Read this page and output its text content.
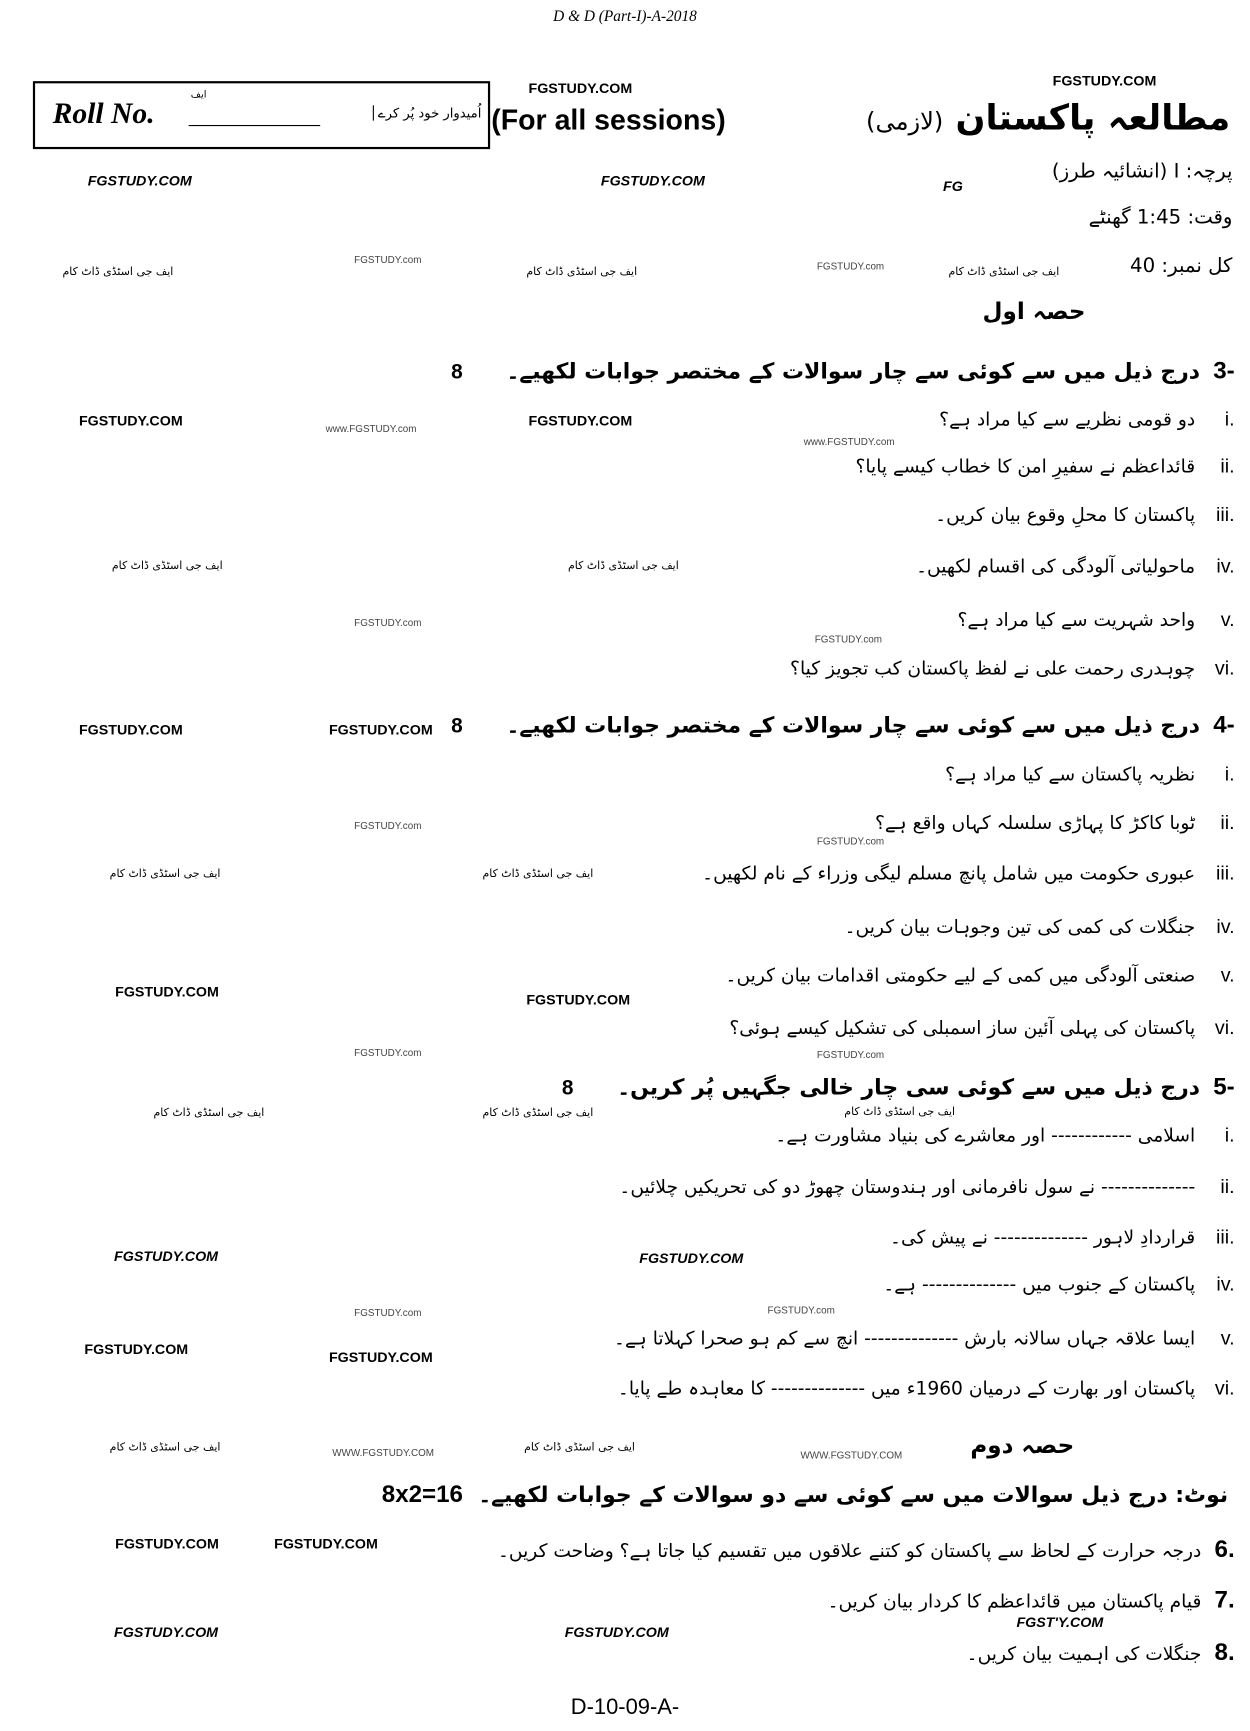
D & D (Part-I)-A-2018
Roll No.
ایف
اُمیدوار خود پُر کرے (For all sessions)	مطالعہ پاکستان (لازمی)
پرچہ: I (انشائیہ طرز)
وقت: 1:45 گھنٹے
کل نمبر: 40
حصہ اول
3-
درج ذیل میں سے کوئی سے چار سوالات کے مختصر جوابات لکھیے۔
8
i.
دو قومی نظریے سے کیا مراد ہے؟
ii.
قائداعظم نے سفیرِ امن کا خطاب کیسے پایا؟
iii.
پاکستان کا محلِ وقوع بیان کریں۔
iv.
ماحولیاتی آلودگی کی اقسام لکھیں۔
v.
واحد شہریت سے کیا مراد ہے؟
vi.
چوہدری رحمت علی نے لفظ پاکستان کب تجویز کیا؟
4-
درج ذیل میں سے کوئی سے چار سوالات کے مختصر جوابات لکھیے۔
8
i.
نظریہ پاکستان سے کیا مراد ہے؟
ii.
ٹوبا کاکڑ کا پہاڑی سلسلہ کہاں واقع ہے؟
iii.
عبوری حکومت میں شامل پانچ مسلم لیگی وزراء کے نام لکھیں۔
iv.
جنگلات کی کمی کی تین وجوہات بیان کریں۔
v.
صنعتی آلودگی میں کمی کے لیے حکومتی اقدامات بیان کریں۔
vi.
پاکستان کی پہلی آئین ساز اسمبلی کی تشکیل کیسے ہوئی؟
5-
درج ذیل میں سے کوئی سی چار خالی جگہیں پُر کریں۔
8
i.
اسلامی ------------ اور معاشرے کی بنیاد مشاورت ہے۔
ii.
-------------- نے سول نافرمانی اور ہندوستان چھوڑ دو کی تحریکیں چلائیں۔
iii.
قراردادِ لاہور -------------- نے پیش کی۔
iv.
پاکستان کے جنوب میں -------------- ہے۔
v.
ایسا علاقہ جہاں سالانہ بارش -------------- انچ سے کم ہو صحرا کہلاتا ہے۔
vi.
پاکستان اور بھارت کے درمیان 1960ء میں -------------- کا معاہدہ طے پایا۔
حصہ دوم
نوٹ: درج ذیل سوالات میں سے کوئی سے دو سوالات کے جوابات لکھیے۔
8x2=16
6.
درجہ حرارت کے لحاظ سے پاکستان کو کتنے علاقوں میں تقسیم کیا جاتا ہے؟ وضاحت کریں۔
7.
قیام پاکستان میں قائداعظم کا کردار بیان کریں۔
8.
جنگلات کی اہمیت بیان کریں۔
D-10-09-A-
FGSTUDY.COM	FGSTUDY.COM
FGSTUDY.COM	FGSTUDY.COM	FG
FGSTUDY.com
FGSTUDY.com
ایف جی اسٹڈی ڈاٹ کام	ایف جی اسٹڈی ڈاٹ کام	ایف جی اسٹڈی ڈاٹ کام
FGSTUDY.COM
www.FGSTUDY.com
FGSTUDY.COM
www.FGSTUDY.com
ایف جی اسٹڈی ڈاٹ کام	ایف جی اسٹڈی ڈاٹ کام
FGSTUDY.com
FGSTUDY.com
FGSTUDY.COM	FGSTUDY.COM
FGSTUDY.com
FGSTUDY.com
ایف جی اسٹڈی ڈاٹ کام	ایف جی اسٹڈی ڈاٹ کام
FGSTUDY.COM	FGSTUDY.COM
FGSTUDY.com	FGSTUDY.com
ایف جی اسٹڈی ڈاٹ کام	ایف جی اسٹڈی ڈاٹ کام	ایف جی اسٹڈی ڈاٹ کام
FGSTUDY.COM	FGSTUDY.COM
FGSTUDY.com	FGSTUDY.com
FGSTUDY.COM	FGSTUDY.COM
ایف جی اسٹڈی ڈاٹ کام	WWW.FGSTUDY.COM	ایف جی اسٹڈی ڈاٹ کام
WWW.FGSTUDY.COM
FGSTUDY.COM	FGSTUDY.COM
FGSTUDY.COM	FGSTUDY.COM
FGST'Y.COM
